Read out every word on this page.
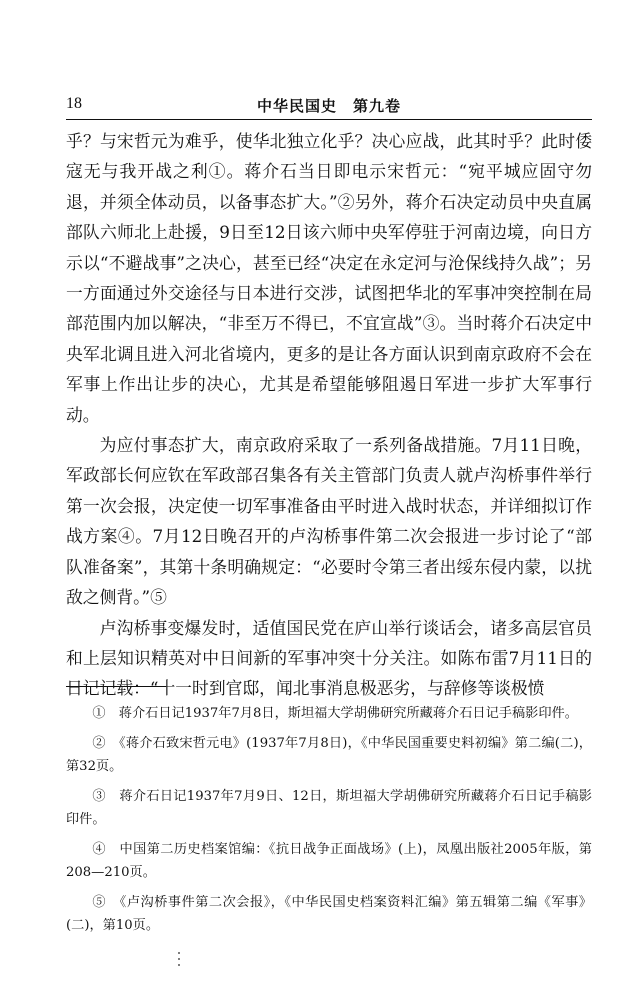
18	中华民国史　第九卷

乎？与宋哲元为难乎，使华北独立化乎？决心应战，此其时乎？此时倭寇无与我开战之利①。蒋介石当日即电示宋哲元：“宛平城应固守勿退，并须全体动员，以备事态扩大。”②另外，蒋介石决定动员中央直属部队六师北上赴援，9日至12日该六师中央军停驻于河南边境，向日方示以“不避战事”之决心，甚至已经“决定在永定河与沧保线持久战”；另一方面通过外交途径与日本进行交涉，试图把华北的军事冲突控制在局部范围内加以解决，“非至万不得已，不宜宣战”③。当时蒋介石决定中央军北调且进入河北省境内，更多的是让各方面认识到南京政府不会在军事上作出让步的决心，尤其是希望能够阻遏日军进一步扩大军事行动。

为应付事态扩大，南京政府采取了一系列备战措施。7月11日晚，军政部长何应钦在军政部召集各有关主管部门负责人就卢沟桥事件举行第一次会报，决定使一切军事准备由平时进入战时状态，并详细拟订作战方案④。7月12日晚召开的卢沟桥事件第二次会报进一步讨论了“部队准备案”，其第十条明确规定：“必要时令第三者出绥东侵内蒙，以扰敌之侧背。”⑤

卢沟桥事变爆发时，适值国民党在庐山举行谈话会，诸多高层官员和上层知识精英对中日间新的军事冲突十分关注。如陈布雷7月11日的日记记载：“十一时到官邸，闻北事消息极恶劣，与辞修等谈极愤

①　蒋介石日记1937年7月8日，斯坦福大学胡佛研究所藏蒋介石日记手稿影印件。

②　《蒋介石致宋哲元电》(1937年7月8日)，《中华民国重要史料初编》第二编(二)，第32页。

③　蒋介石日记1937年7月9日、12日，斯坦福大学胡佛研究所藏蒋介石日记手稿影印件。

④　中国第二历史档案馆编：《抗日战争正面战场》(上)，凤凰出版社2005年版，第208—210页。

⑤　《卢沟桥事件第二次会报》，《中华民国史档案资料汇编》第五辑第二编《军事》(二)，第10页。
